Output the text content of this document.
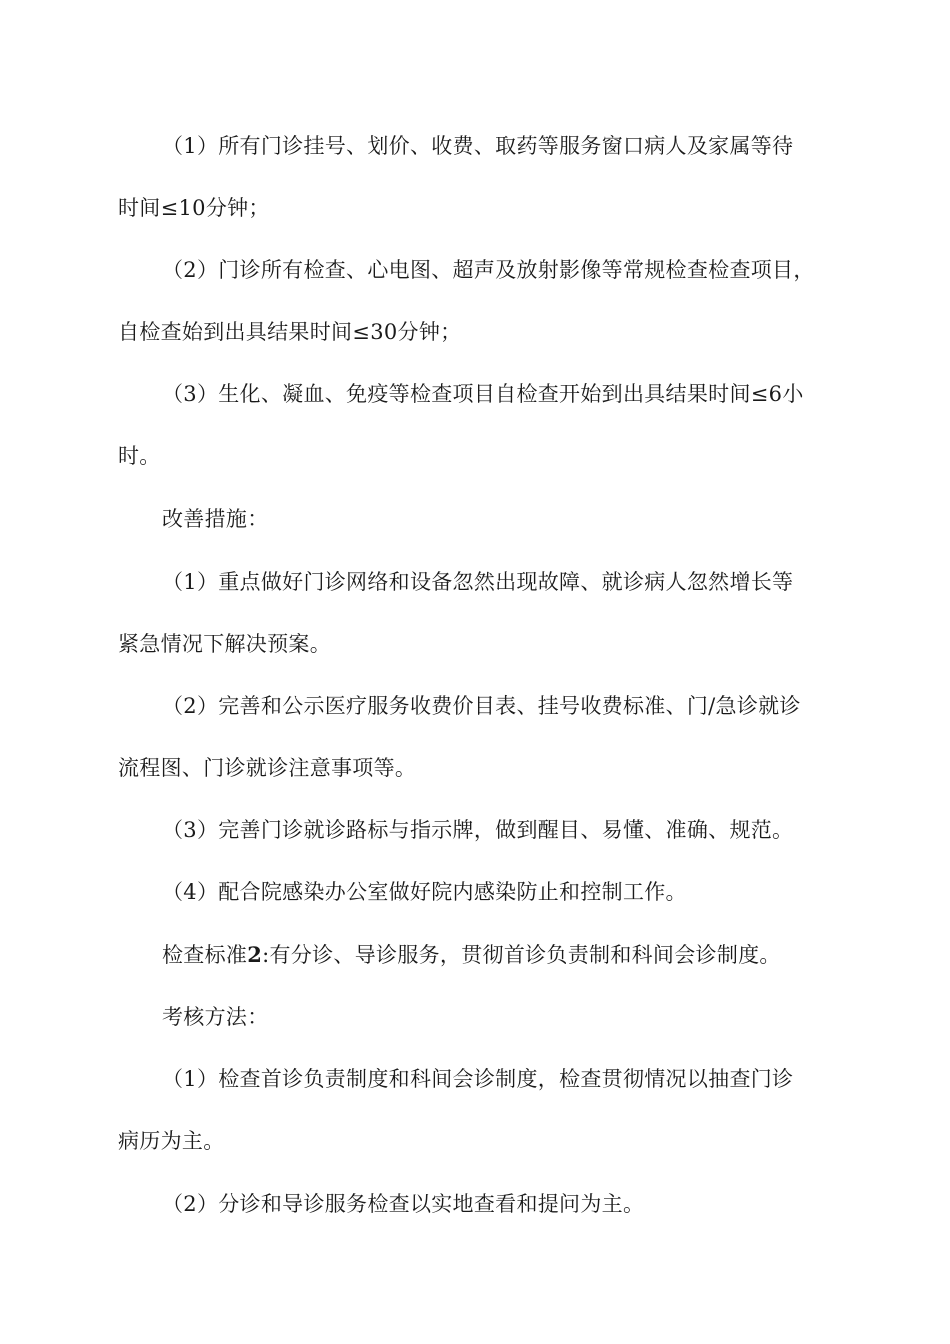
（1）所有门诊挂号、划价、收费、取药等服务窗口病人及家属等待
时间≤10分钟；
（2）门诊所有检查、心电图、超声及放射影像等常规检查检查项目，
自检查始到出具结果时间≤30分钟；
（3）生化、凝血、免疫等检查项目自检查开始到出具结果时间≤6小
时。
改善措施：
（1）重点做好门诊网络和设备忽然出现故障、就诊病人忽然增长等
紧急情况下解决预案。
（2）完善和公示医疗服务收费价目表、挂号收费标准、门/急诊就诊
流程图、门诊就诊注意事项等。
（3）完善门诊就诊路标与指示牌，做到醒目、易懂、准确、规范。
（4）配合院感染办公室做好院内感染防止和控制工作。
检查标准2:有分诊、导诊服务，贯彻首诊负责制和科间会诊制度。
考核方法：
（1）检查首诊负责制度和科间会诊制度，检查贯彻情况以抽查门诊
病历为主。
（2）分诊和导诊服务检查以实地查看和提问为主。
